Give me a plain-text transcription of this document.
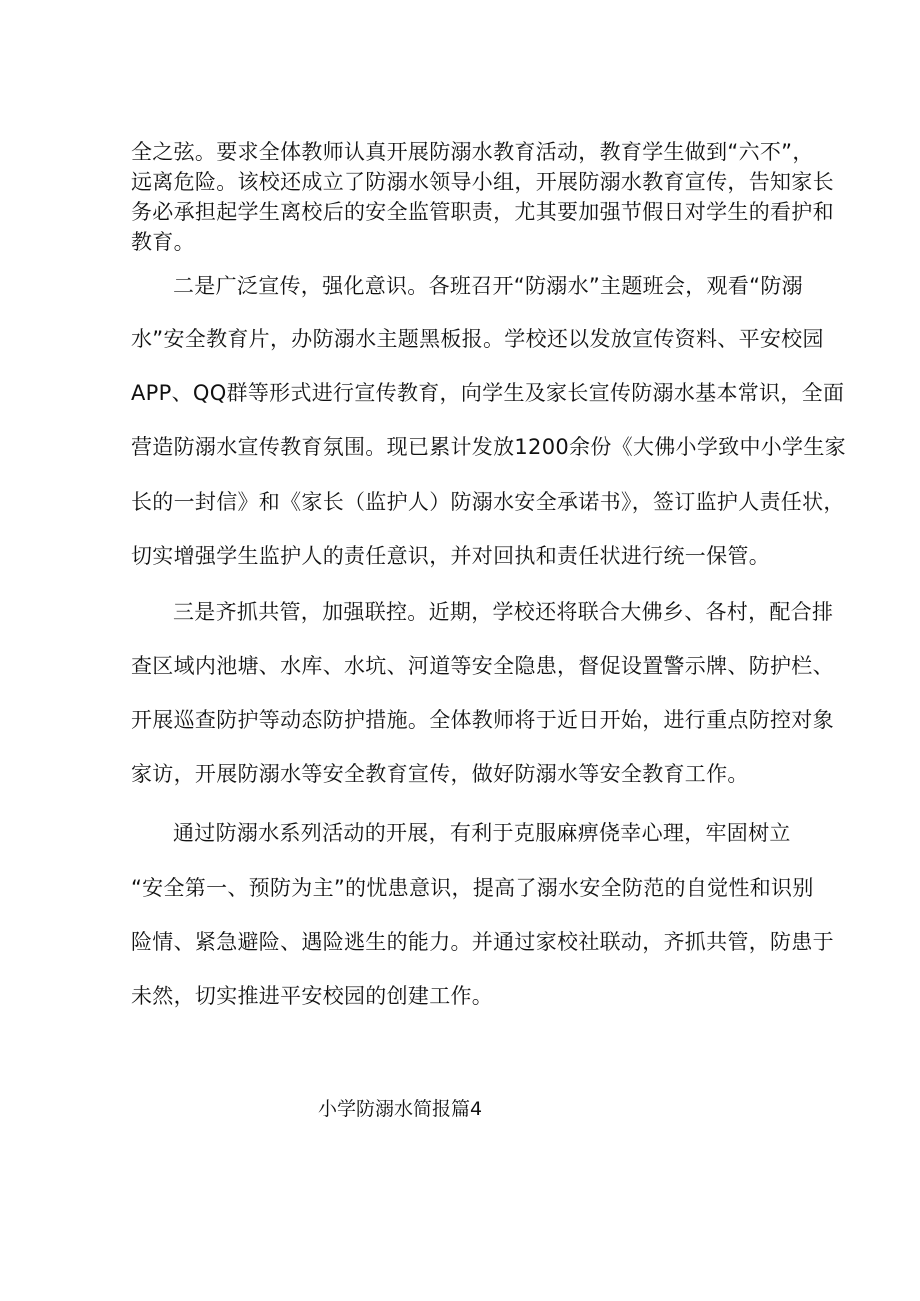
全之弦。要求全体教师认真开展防溺水教育活动，教育学生做到“六不”，
远离危险。该校还成立了防溺水领导小组，开展防溺水教育宣传，告知家长
务必承担起学生离校后的安全监管职责，尤其要加强节假日对学生的看护和
教育。
二是广泛宣传，强化意识。各班召开“防溺水”主题班会，观看“防溺
水”安全教育片，办防溺水主题黑板报。学校还以发放宣传资料、平安校园
APP、QQ群等形式进行宣传教育，向学生及家长宣传防溺水基本常识，全面
营造防溺水宣传教育氛围。现已累计发放1200余份《大佛小学致中小学生家
长的一封信》和《家长（监护人）防溺水安全承诺书》，签订监护人责任状，
切实增强学生监护人的责任意识，并对回执和责任状进行统一保管。
三是齐抓共管，加强联控。近期，学校还将联合大佛乡、各村，配合排
查区域内池塘、水库、水坑、河道等安全隐患，督促设置警示牌、防护栏、
开展巡查防护等动态防护措施。全体教师将于近日开始，进行重点防控对象
家访，开展防溺水等安全教育宣传，做好防溺水等安全教育工作。
通过防溺水系列活动的开展，有利于克服麻痹侥幸心理，牢固树立
“安全第一、预防为主”的忧患意识，提高了溺水安全防范的自觉性和识别
险情、紧急避险、遇险逃生的能力。并通过家校社联动，齐抓共管，防患于
未然，切实推进平安校园的创建工作。
小学防溺水简报篇4
